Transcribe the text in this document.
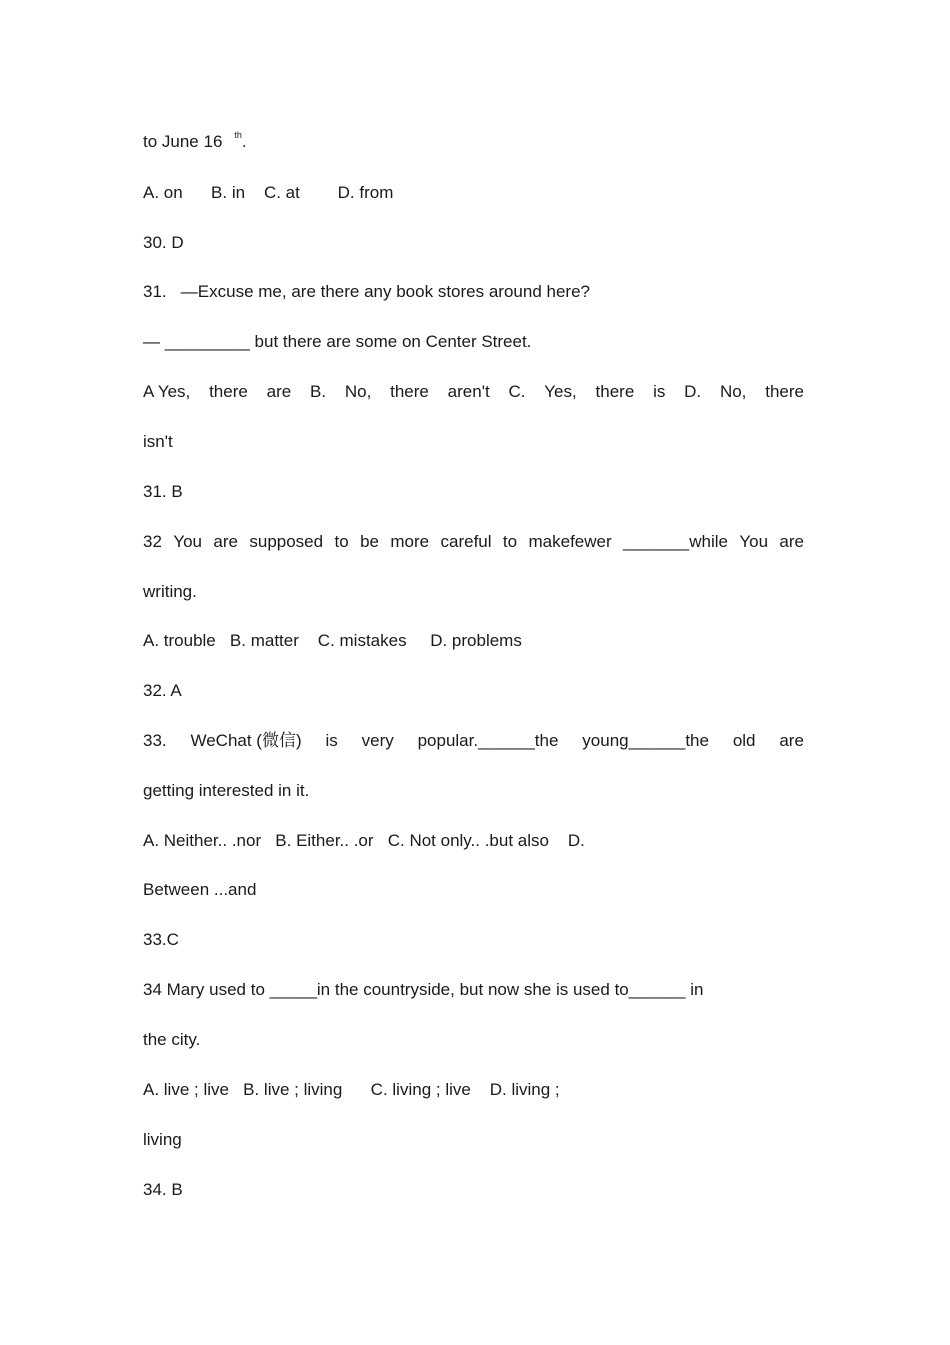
to June 16 $^{th}$.
A. on      B. in    C. at        D. from
30. D
31.   —Excuse me, are there any book stores around here?
— _________ but there are some on Center Street.
A Yes, there are B. No, there aren't C. Yes, there is D. No, there
isn't
31. B
32 You are supposed to be more careful to makefewer _______while You are
writing.
A. trouble   B. matter    C. mistakes     D. problems
32. A
33. WeChat (微信) is very popular.______the young______the old are
getting interested in it.
A. Neither.. .nor   B. Either.. .or   C. Not only.. .but also    D.
Between ...and
33.C
34 Mary used to _____in the countryside, but now she is used to______ in
the city.
A. live ; live   B. live ; living      C. living ; live    D. living ;
living
34. B
